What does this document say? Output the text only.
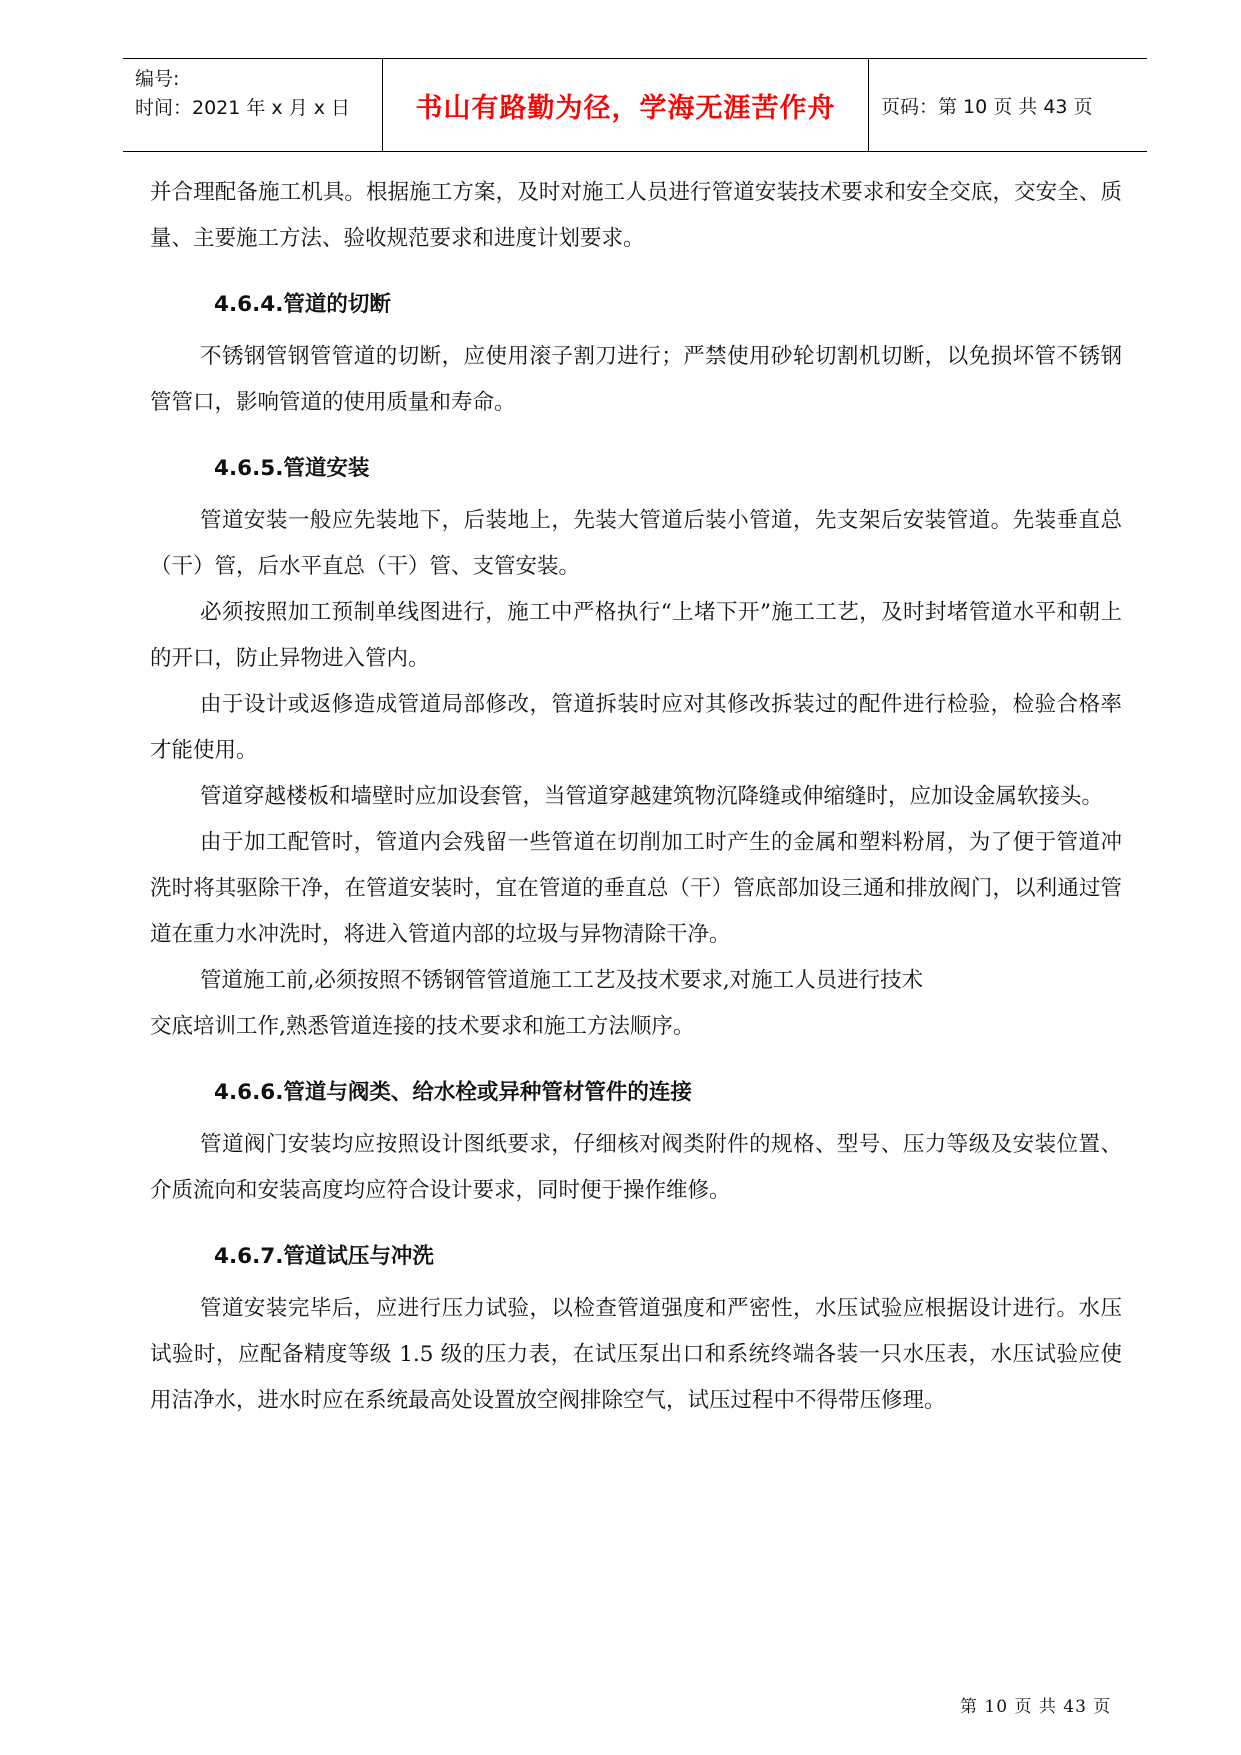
编号:
时间：2021 年 x 月 x 日	书山有路勤为径，学海无涯苦作舟	页码：第 10 页 共 43 页

并合理配备施工机具。根据施工方案，及时对施工人员进行管道安装技术要求和安全交底，交安全、质量、主要施工方法、验收规范要求和进度计划要求。

4.6.4.管道的切断

不锈钢管钢管管道的切断，应使用滚子割刀进行；严禁使用砂轮切割机切断，以免损坏管不锈钢管管口，影响管道的使用质量和寿命。

4.6.5.管道安装

管道安装一般应先装地下，后装地上，先装大管道后装小管道，先支架后安装管道。先装垂直总（干）管，后水平直总（干）管、支管安装。

必须按照加工预制单线图进行，施工中严格执行“上堵下开”施工工艺，及时封堵管道水平和朝上的开口，防止异物进入管内。

由于设计或返修造成管道局部修改，管道拆装时应对其修改拆装过的配件进行检验，检验合格率才能使用。

管道穿越楼板和墙壁时应加设套管，当管道穿越建筑物沉降缝或伸缩缝时，应加设金属软接头。

由于加工配管时，管道内会残留一些管道在切削加工时产生的金属和塑料粉屑，为了便于管道冲洗时将其驱除干净，在管道安装时，宜在管道的垂直总（干）管底部加设三通和排放阀门，以利通过管道在重力水冲洗时，将进入管道内部的垃圾与异物清除干净。

管道施工前,必须按照不锈钢管管道施工工艺及技术要求,对施工人员进行技术

交底培训工作,熟悉管道连接的技术要求和施工方法顺序。

4.6.6.管道与阀类、给水栓或异种管材管件的连接

管道阀门安装均应按照设计图纸要求，仔细核对阀类附件的规格、型号、压力等级及安装位置、介质流向和安装高度均应符合设计要求，同时便于操作维修。

4.6.7.管道试压与冲洗

管道安装完毕后，应进行压力试验，以检查管道强度和严密性，水压试验应根据设计进行。水压试验时，应配备精度等级 1.5 级的压力表，在试压泵出口和系统终端各装一只水压表，水压试验应使用洁净水，进水时应在系统最高处设置放空阀排除空气，试压过程中不得带压修理。

第 10 页 共 43 页
